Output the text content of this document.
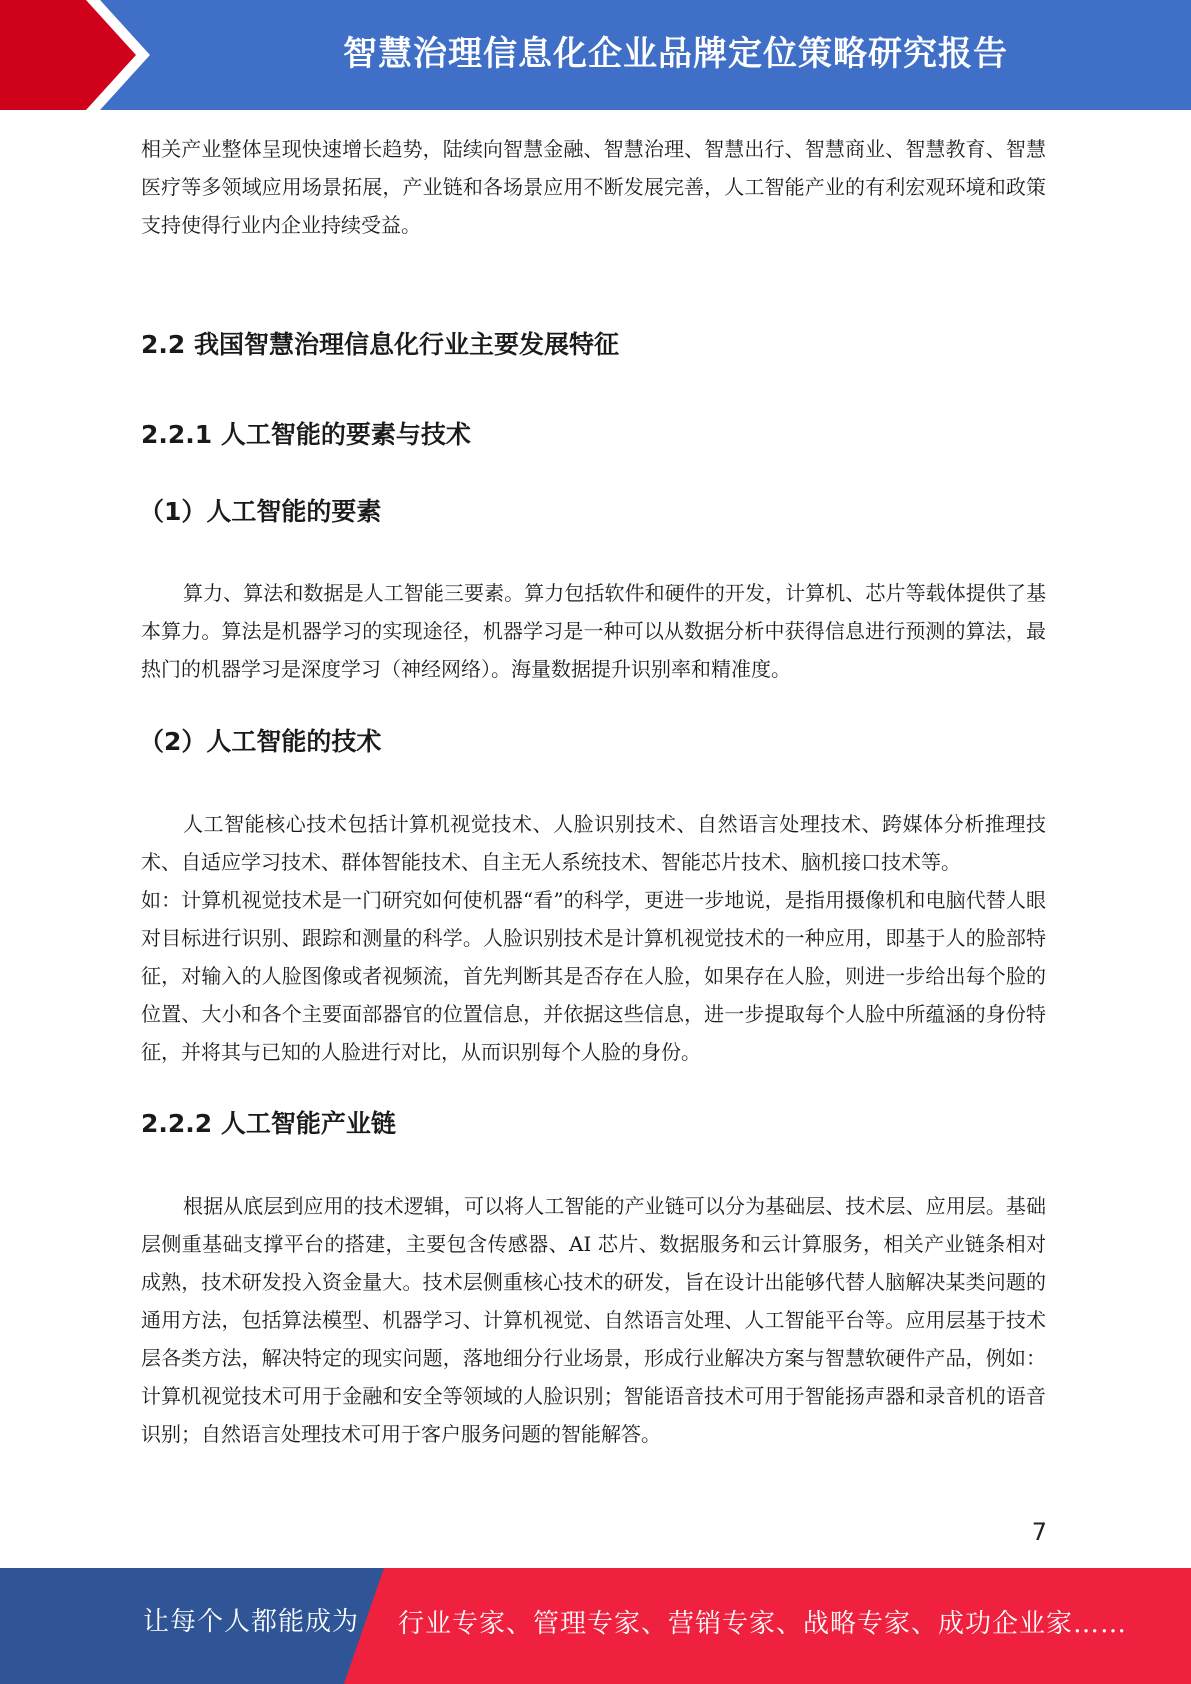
智慧治理信息化企业品牌定位策略研究报告

相关产业整体呈现快速增长趋势，陆续向智慧金融、智慧治理、智慧出行、智慧商业、智慧教育、智慧医疗等多领域应用场景拓展，产业链和各场景应用不断发展完善，人工智能产业的有利宏观环境和政策支持使得行业内企业持续受益。

2.2 我国智慧治理信息化行业主要发展特征
2.2.1 人工智能的要素与技术
（1）人工智能的要素

算力、算法和数据是人工智能三要素。算力包括软件和硬件的开发，计算机、芯片等载体提供了基本算力。算法是机器学习的实现途径，机器学习是一种可以从数据分析中获得信息进行预测的算法，最热门的机器学习是深度学习（神经网络）。海量数据提升识别率和精准度。

（2）人工智能的技术

人工智能核心技术包括计算机视觉技术、人脸识别技术、自然语言处理技术、跨媒体分析推理技术、自适应学习技术、群体智能技术、自主无人系统技术、智能芯片技术、脑机接口技术等。

如：计算机视觉技术是一门研究如何使机器“看”的科学，更进一步地说，是指用摄像机和电脑代替人眼对目标进行识别、跟踪和测量的科学。人脸识别技术是计算机视觉技术的一种应用，即基于人的脸部特征，对输入的人脸图像或者视频流，首先判断其是否存在人脸，如果存在人脸，则进一步给出每个脸的位置、大小和各个主要面部器官的位置信息，并依据这些信息，进一步提取每个人脸中所蕴涵的身份特征，并将其与已知的人脸进行对比，从而识别每个人脸的身份。

2.2.2 人工智能产业链

根据从底层到应用的技术逻辑，可以将人工智能的产业链可以分为基础层、技术层、应用层。基础层侧重基础支撑平台的搭建，主要包含传感器、AI 芯片、数据服务和云计算服务，相关产业链条相对成熟，技术研发投入资金量大。技术层侧重核心技术的研发，旨在设计出能够代替人脑解决某类问题的通用方法，包括算法模型、机器学习、计算机视觉、自然语言处理、人工智能平台等。应用层基于技术层各类方法，解决特定的现实问题，落地细分行业场景，形成行业解决方案与智慧软硬件产品，例如：计算机视觉技术可用于金融和安全等领域的人脸识别；智能语音技术可用于智能扬声器和录音机的语音识别；自然语言处理技术可用于客户服务问题的智能解答。

7
让每个人都能成为 行业专家、管理专家、营销专家、战略专家、成功企业家……
